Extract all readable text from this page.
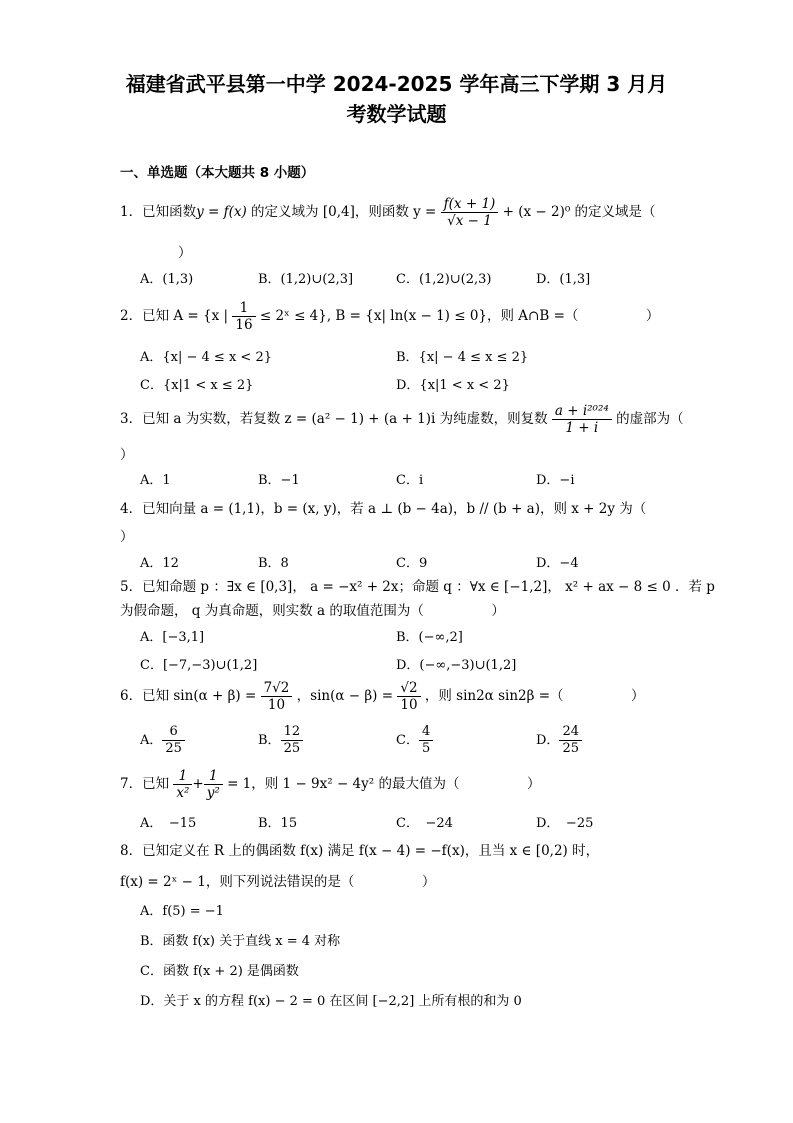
福建省武平县第一中学 2024-2025 学年高三下学期 3 月月
考数学试题
一、单选题（本大题共 8 小题）
1．已知函数y = f(x) 的定义域为 [0,4]，则函数 $y = \frac{f(x + 1)}{√x - 1} + (x - 2)^0$ 的定义域是（
）
A．(1,3)	B．(1,2)∪(2,3]	C．(1,2)∪(2,3)	D．(1,3]
2．已知 A = {x | $\frac{1}{16}$ ≤ 2ˣ ≤ 4}, B = {x| ln(x − 1) ≤ 0}，则 A∩B =（　　　　　）
A．{x| − 4 ≤ x < 2}	B．{x| − 4 ≤ x ≤ 2}
C．{x|1 < x ≤ 2}	D．{x|1 < x < 2}
3．已知 a 为实数，若复数 z = (a² − 1) + (a + 1)i 为纯虚数，则复数 $\frac{\text{a + i²⁰²⁴}}{1 + i}$ 的虚部为（
）
A．1	B．−1	C．i	D．−i
4．已知向量 a = (1,1)，b = (x, y)，若 a ⊥ (b − 4a)，b // (b + a)，则 x + 2y 为（
）
A．12	B．8	C．9	D．−4
5．已知命题 p ：∃x ∈ [0,3]， a = −x² + 2x；命题 q ：∀x ∈ [−1,2]， x² + ax − 8 ≤ 0 ．若 p
为假命题， q 为真命题，则实数 a 的取值范围为（　　　　　）
A．[−3,1]	B．(−∞,2]
C．[−7,−3)∪(1,2]	D．(−∞,−3)∪(1,2]
6．已知 $\sin(\alpha + \beta) = \frac{7√2}{10}$ ，$\sin(\alpha - \beta) = \frac{√2}{10}$ ，则 sin2α sin2β =（　　　　　）
A． $\frac{6}{25}$	B． $\frac{12}{25}$	C． $\frac{4}{5}$	D． $\frac{24}{25}$
7．已知 $\frac{1}{\text{x²}} + \frac{1}{\text{y²}} = 1$，则 1 − 9x² − 4y² 的最大值为（　　　　　）
A．　−15	B．15	C．　−24	D．　−25
8．已知定义在 R 上的偶函数 f(x) 满足 f(x − 4) = −f(x)，且当 x ∈ [0,2) 时，
f(x) = 2ˣ − 1，则下列说法错误的是（　　　　　）
A．f(5) = −1
B．函数 f(x) 关于直线 x = 4 对称
C．函数 f(x + 2) 是偶函数
D．关于 x 的方程 f(x) − 2 = 0 在区间 [−2,2] 上所有根的和为 0
